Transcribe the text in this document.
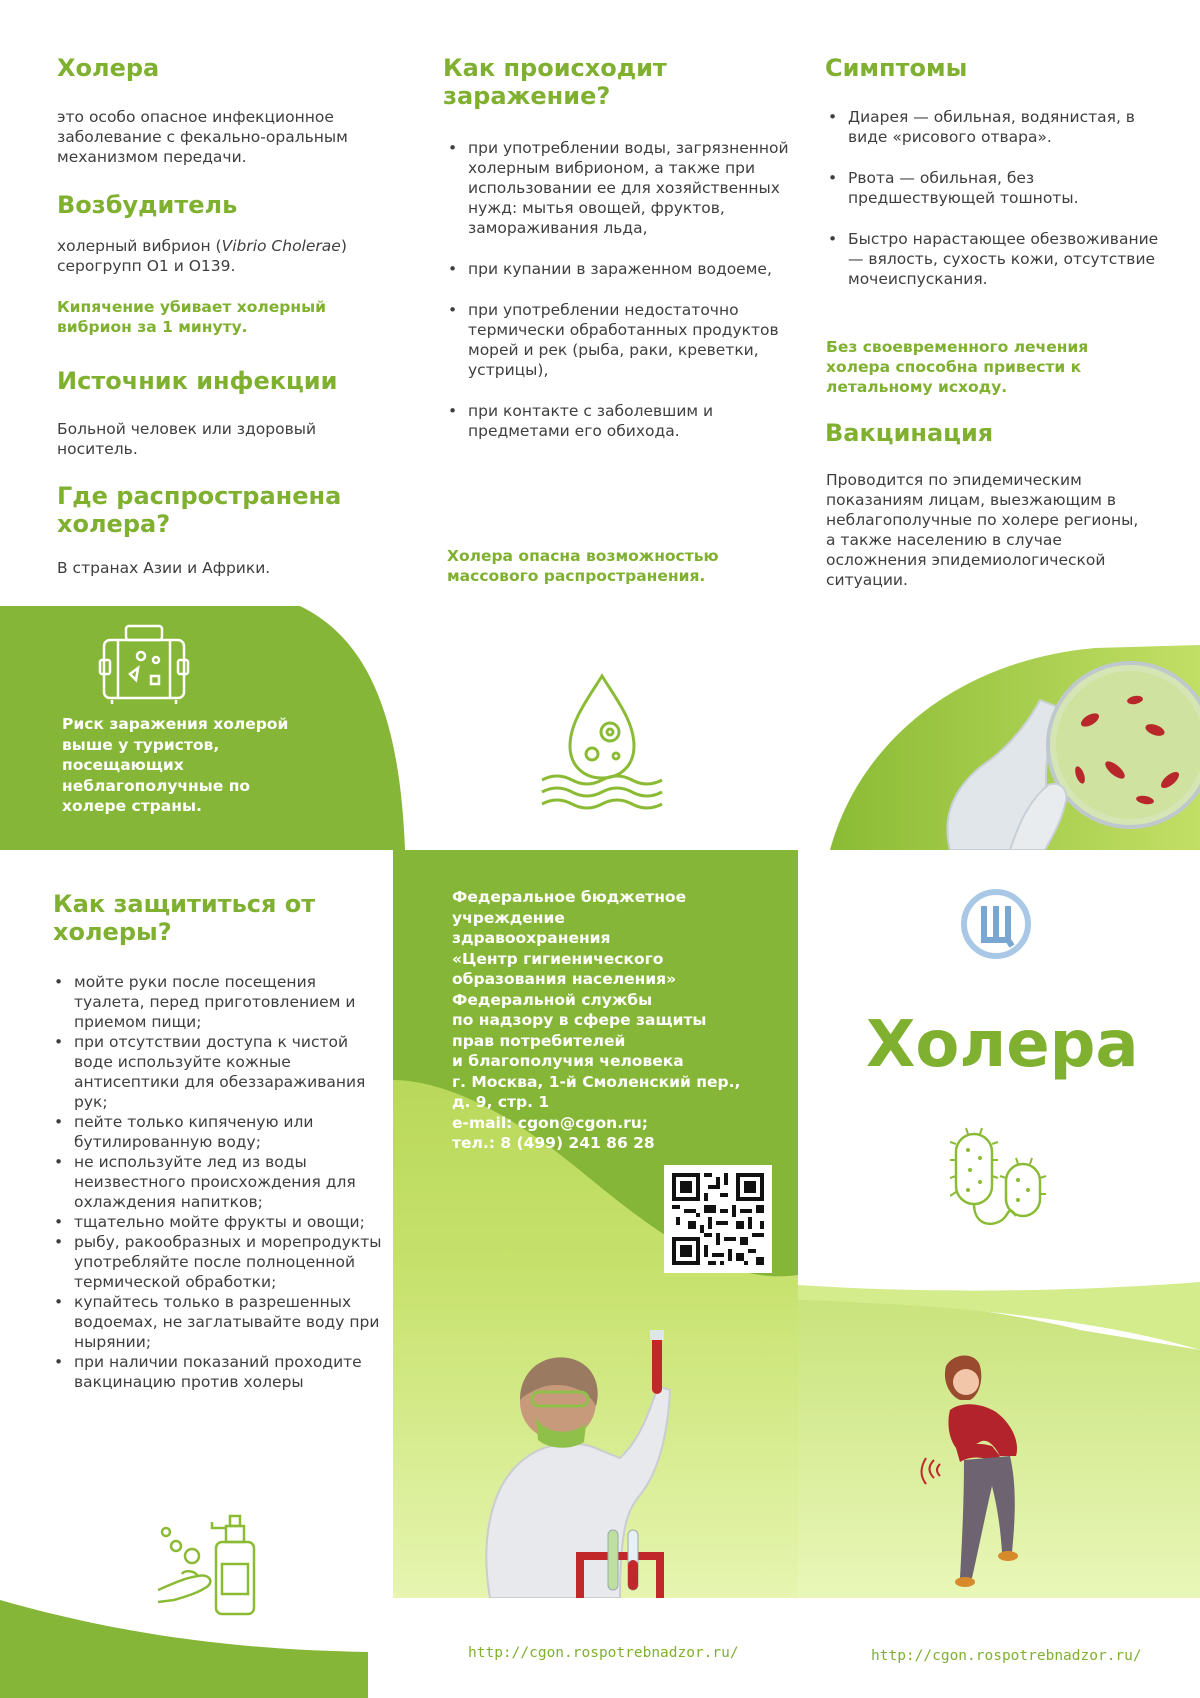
Холера
это особо опасное инфекционное заболевание с фекально-оральным механизмом передачи.
Возбудитель
холерный вибрион (Vibrio Cholerae) серогрупп О1 и О139.
Кипячение убивает холерный вибрион за 1 минуту.
Источник инфекции
Больной человек или здоровый носитель.
Где распространена холера?
В странах Азии и Африки.
Как происходит заражение?
• при употреблении воды, загрязненной холерным вибрионом, а также при использовании ее для хозяйственных нужд: мытья овощей, фруктов, замораживания льда,
• при купании в зараженном водоеме,
• при употреблении недостаточно термически обработанных продуктов морей и рек (рыба, раки, креветки, устрицы),
• при контакте с заболевшим и предметами его обихода.
Холера опасна возможностью массового распространения.
Симптомы
• Диарея — обильная, водянистая, в виде «рисового отвара».
• Рвота — обильная, без предшествующей тошноты.
• Быстро нарастающее обезвоживание — вялость, сухость кожи, отсутствие мочеиспускания.
Без своевременного лечения холера способна привести к летальному исходу.
Вакцинация
Проводится по эпидемическим показаниям лицам, выезжающим в неблагополучные по холере регионы, а также населению в случае осложнения эпидемиологической ситуации.
Риск заражения холерой выше у туристов, посещающих неблагополучные по холере страны.
Как защититься от холеры?
• мойте руки после посещения туалета, перед приготовлением и приемом пищи;
• при отсутствии доступа к чистой воде используйте кожные антисептики для обеззараживания рук;
• пейте только кипяченую или бутилированную воду;
• не используйте лед из воды неизвестного происхождения для охлаждения напитков;
• тщательно мойте фрукты и овощи;
• рыбу, ракообразных и морепродукты употребляйте после полноценной термической обработки;
• купайтесь только в разрешенных водоемах, не заглатывайте воду при нырянии;
• при наличии показаний проходите вакцинацию против холеры
Федеральное бюджетное
учреждение
здравоохранения
«Центр гигиенического
образования населения»
Федеральной службы
по надзору в сфере защиты
прав потребителей
и благополучия человека
г. Москва, 1-й Смоленский пер.,
д. 9, стр. 1
e-mail: cgon@cgon.ru;
тел.: 8 (499) 241 86 28
Холера
http://cgon.rospotrebnadzor.ru/	http://cgon.rospotrebnadzor.ru/
